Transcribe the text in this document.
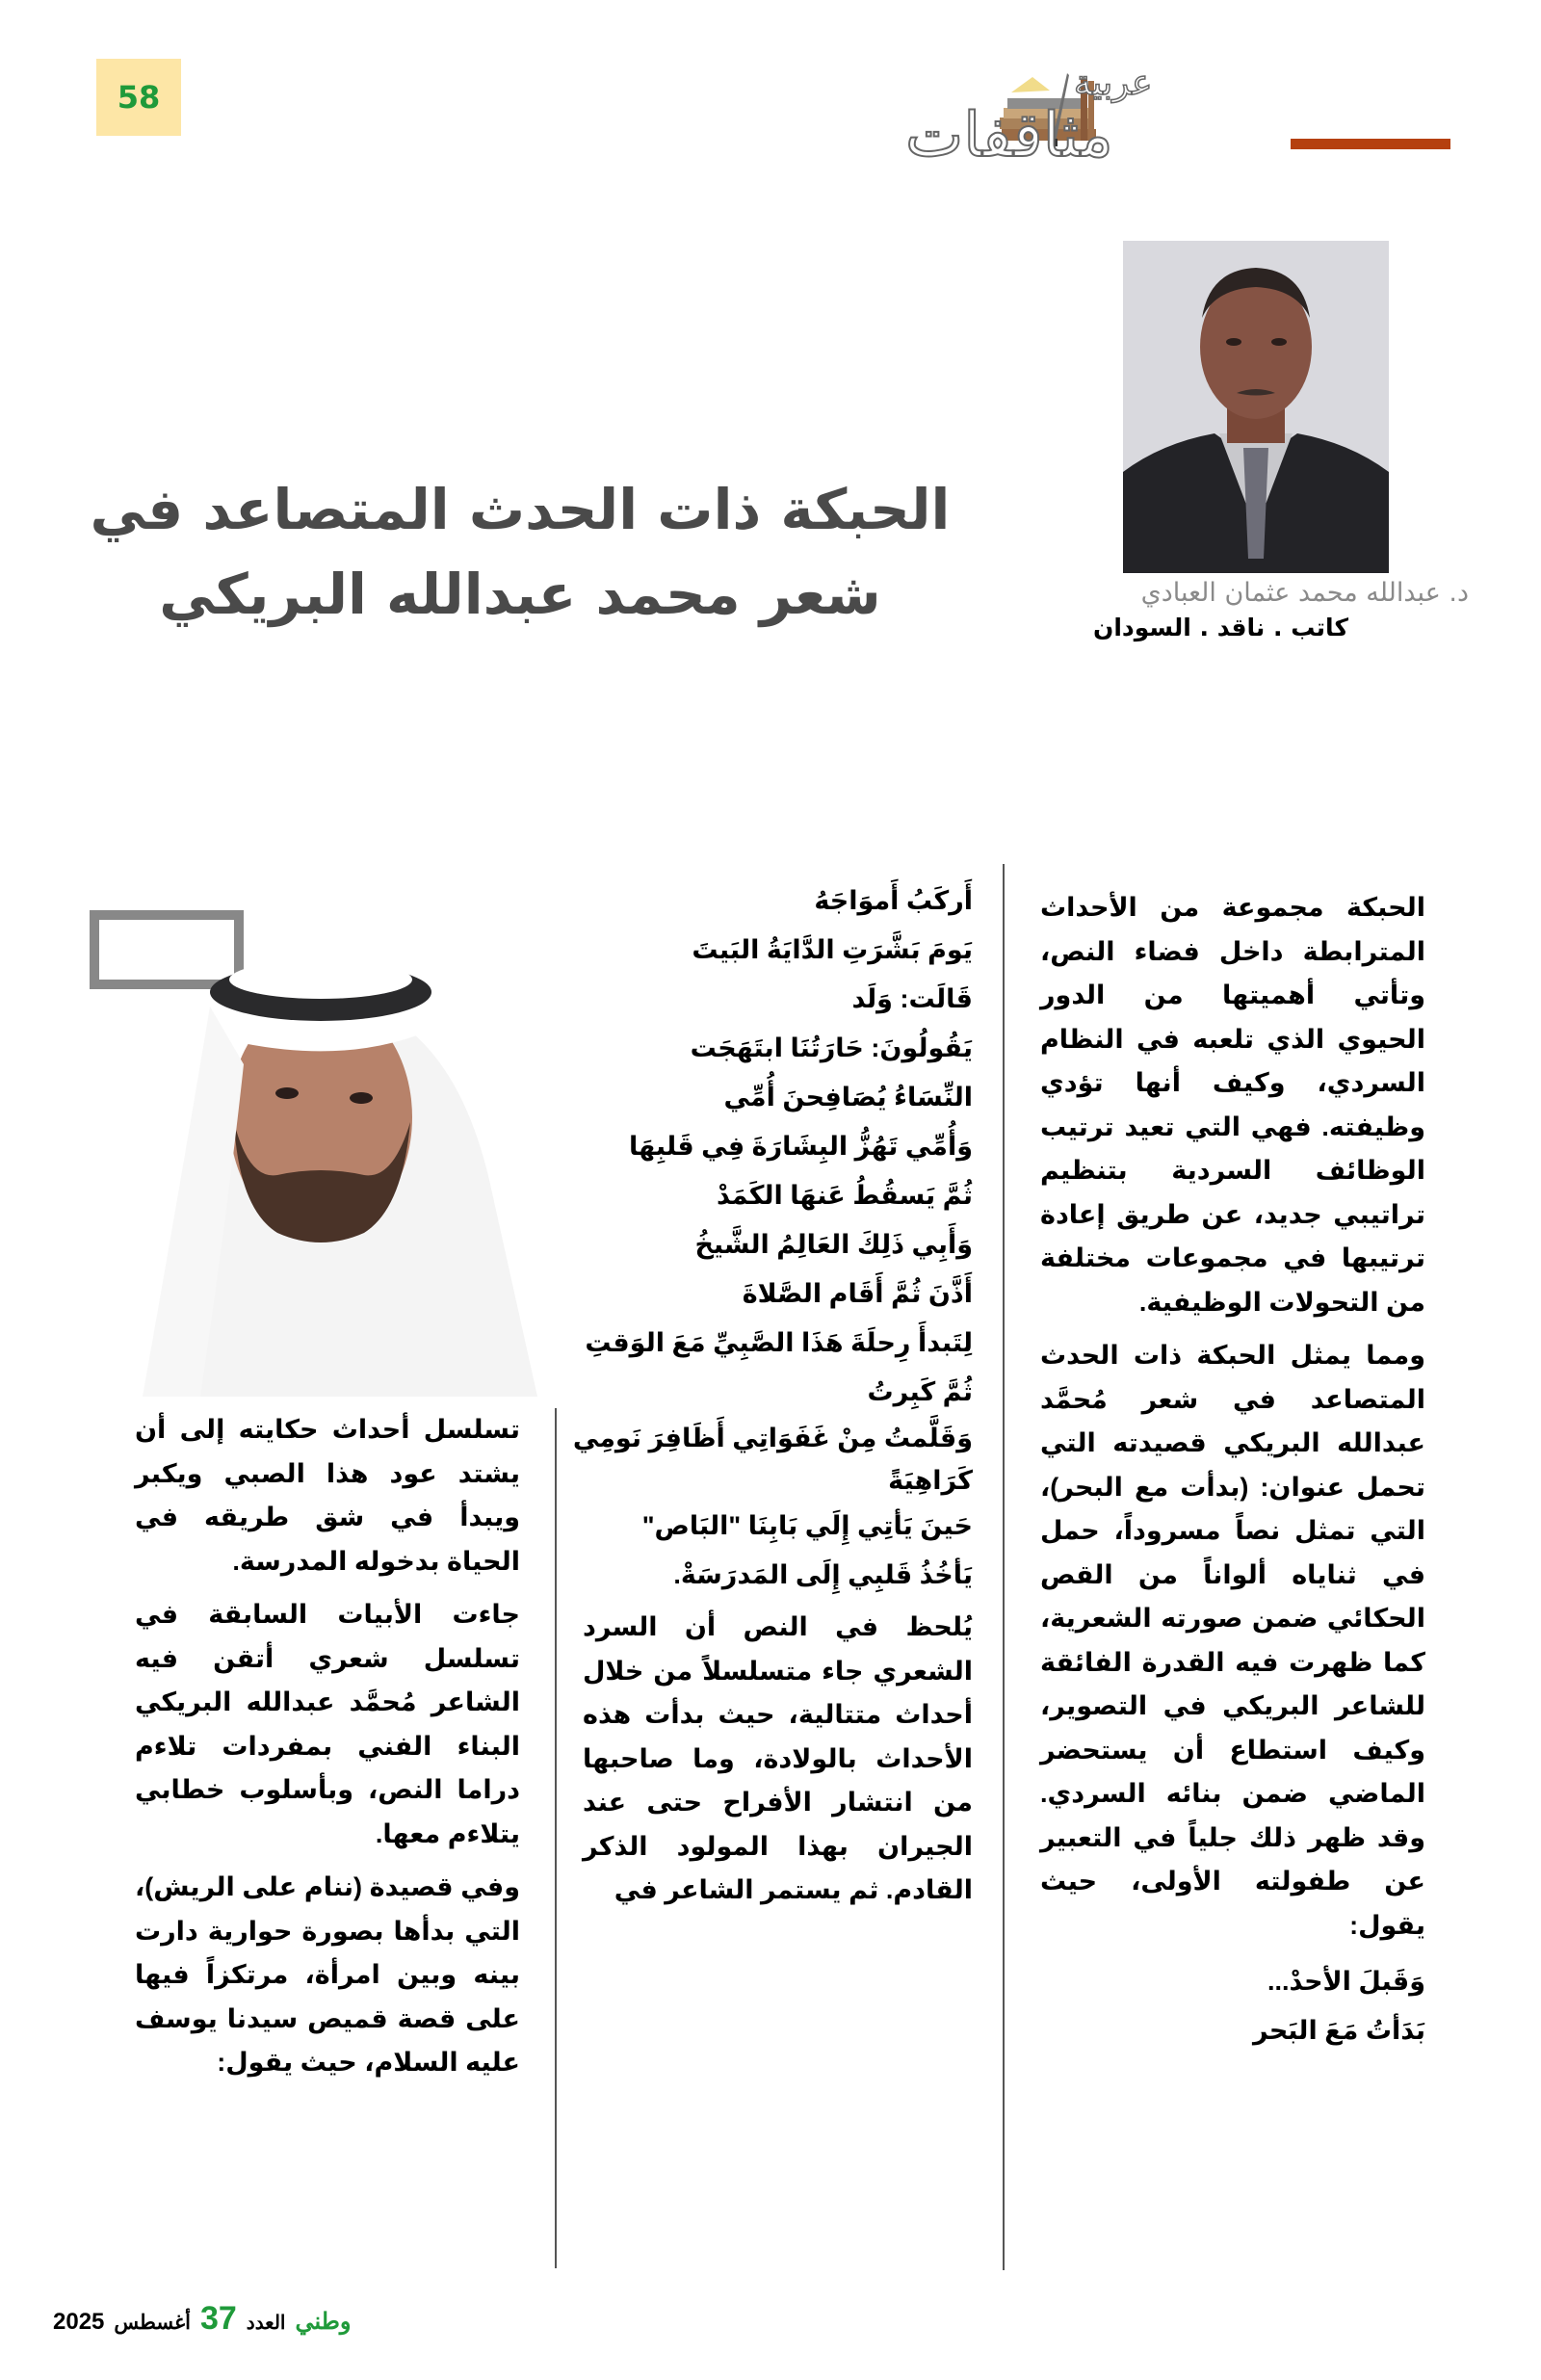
58	عربية
مثاقفات
د. عبدالله محمد عثمان العبادي
كاتب . ناقد . السودان
الحبكة ذات الحدث المتصاعد في
شعر محمد عبدالله البريكي

الحبكة مجموعة من الأحداث المترابطة داخل فضاء النص، وتأتي أهميتها من الدور الحيوي الذي تلعبه في النظام السردي، وكيف أنها تؤدي وظيفته. فهي التي تعيد ترتيب الوظائف السردية بتنظيم تراتيبي جديد، عن طريق إعادة ترتيبها في مجموعات مختلفة من التحولات الوظيفية.

ومما يمثل الحبكة ذات الحدث المتصاعد في شعر مُحمَّد عبدالله البريكي قصيدته التي تحمل عنوان: (بدأت مع البحر)، التي تمثل نصاً مسروداً، حمل في ثناياه ألواناً من القص الحكائي ضمن صورته الشعرية، كما ظهرت فيه القدرة الفائقة للشاعر البريكي في التصوير، وكيف استطاع أن يستحضر الماضي ضمن بنائه السردي. وقد ظهر ذلك جلياً في التعبير عن طفولته الأولى، حيث يقول:

وَقَبلَ الأحدْ...
بَدَأتُ مَعَ البَحر
أَركَبُ أَموَاجَهُ
يَومَ بَشَّرَتِ الدَّايَةُ البَيتَ
قَالَت: وَلَد
يَقُولُونَ: حَارَتُنَا ابتَهَجَت
النِّسَاءُ يُصَافِحنَ أُمِّي
وَأُمِّي تَهُزُّ البِشَارَةَ فِي قَلبِهَا
ثُمَّ يَسقُطُ عَنهَا الكَمَدْ
وَأَبِي ذَلِكَ العَالِمُ الشَّيخُ
أَذَّنَ ثُمَّ أَقَام الصَّلاةَ
لِتَبدأَ رِحلَةَ هَذَا الصَّبِيِّ مَعَ الوَقتِ
ثُمَّ كَبِرتُ
وَقَلَّمتُ مِنْ غَفَوَاتِي أَظَافِرَ نَومِي
كَرَاهِيَةً
حَينَ يَأتِي إِلَي بَابِنَا "البَاص"
يَأخُذُ قَلبِي إِلَى المَدرَسَةْ.

يُلحظ في النص أن السرد الشعري جاء متسلسلاً من خلال أحداث متتالية، حيث بدأت هذه الأحداث بالولادة، وما صاحبها من انتشار الأفراح حتى عند الجيران بهذا المولود الذكر القادم. ثم يستمر الشاعر في

تسلسل أحداث حكايته إلى أن يشتد عود هذا الصبي ويكبر ويبدأ في شق طريقه في الحياة بدخوله المدرسة.

جاءت الأبيات السابقة في تسلسل شعري أتقن فيه الشاعر مُحمَّد عبدالله البريكي البناء الفني بمفردات تلاءم دراما النص، وبأسلوب خطابي يتلاءم معها.

وفي قصيدة (ننام على الريش)، التي بدأها بصورة حوارية دارت بينه وبين امرأة، مرتكزاً فيها على قصة قميص سيدنا يوسف عليه السلام، حيث يقول:

وطني
العدد
37
أغسطس
2025
